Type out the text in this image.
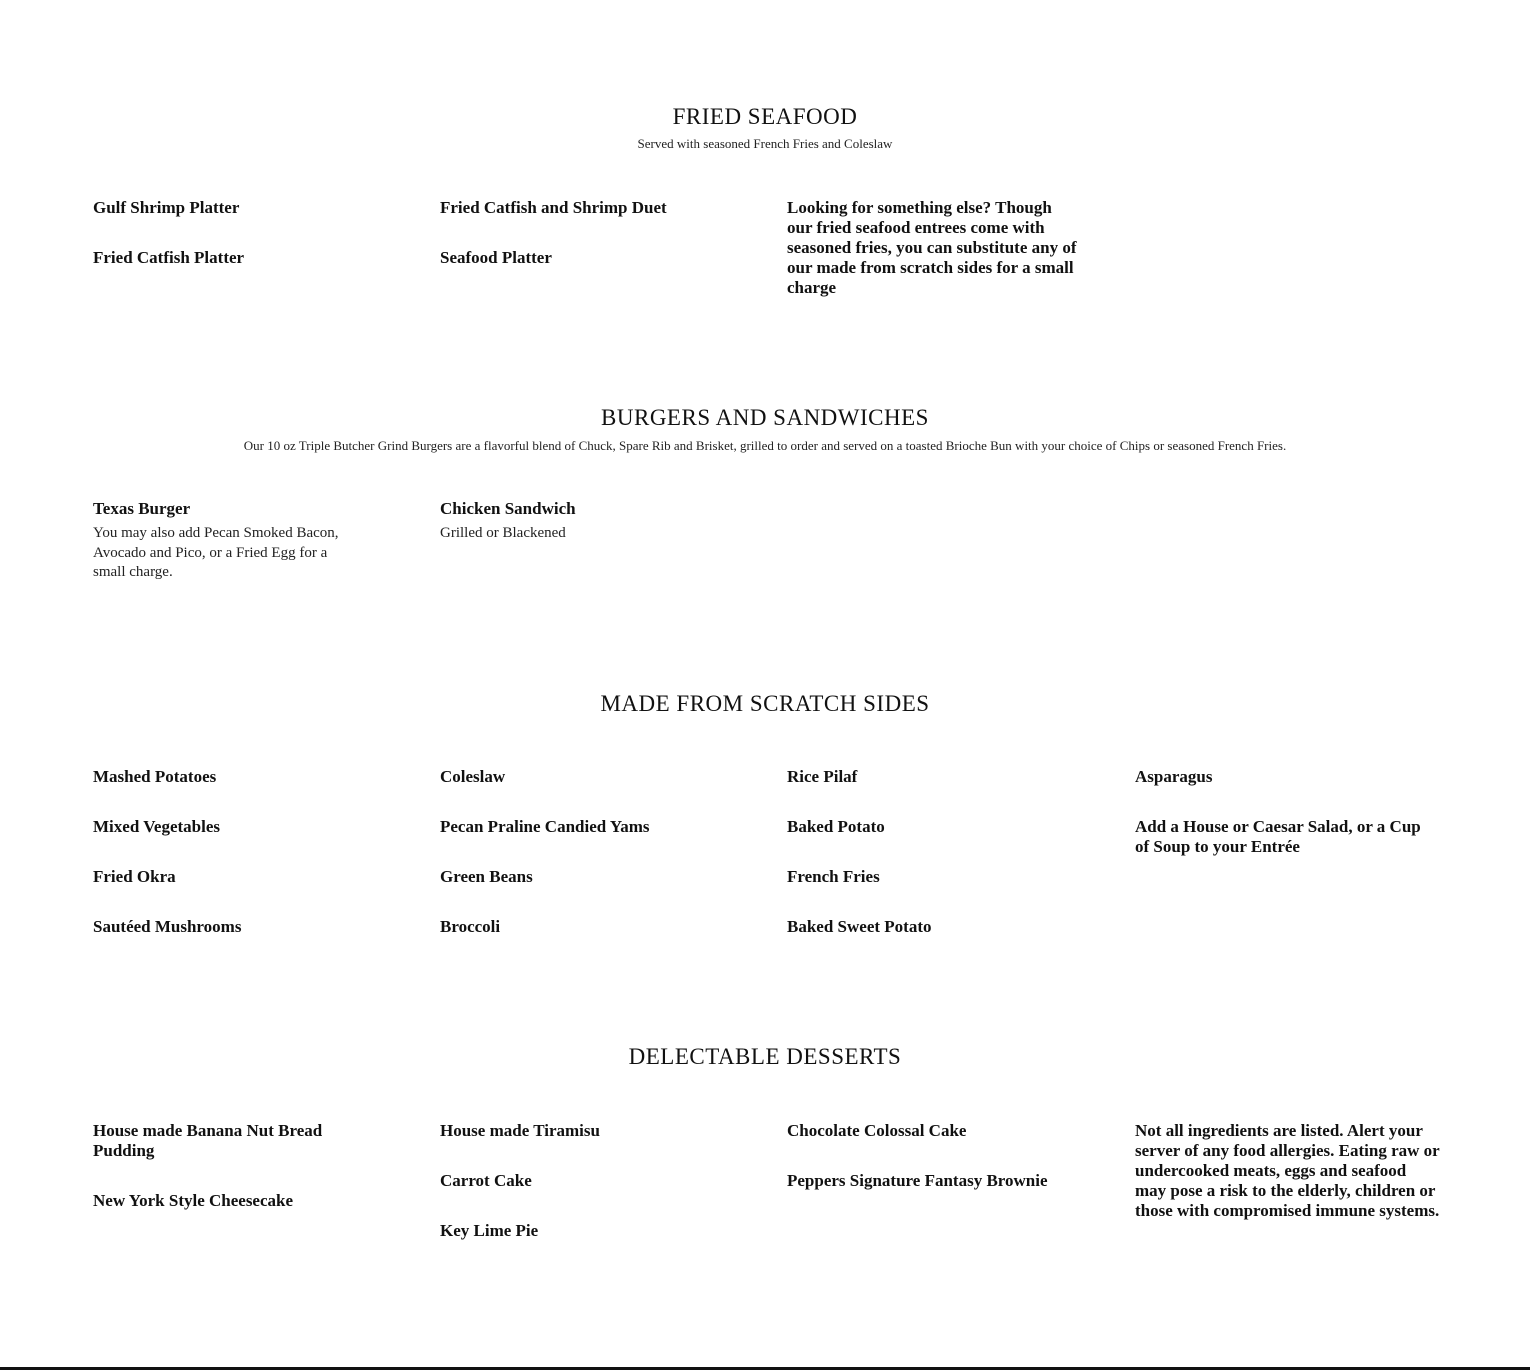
FRIED SEAFOOD

Served with seasoned French Fries and Coleslaw

Gulf Shrimp Platter

Fried Catfish Platter

Fried Catfish and Shrimp Duet

Seafood Platter

Looking for something else? Though our fried seafood entrees come with seasoned fries, you can substitute any of our made from scratch sides for a small charge

BURGERS AND SANDWICHES

Our 10 oz Triple Butcher Grind Burgers are a flavorful blend of Chuck, Spare Rib and Brisket, grilled to order and served on a toasted Brioche Bun with your choice of Chips or seasoned French Fries.

Texas Burger

You may also add Pecan Smoked Bacon, Avocado and Pico, or a Fried Egg for a small charge.

Chicken Sandwich

Grilled or Blackened

MADE FROM SCRATCH SIDES

Mashed Potatoes

Mixed Vegetables

Fried Okra

Sautéed Mushrooms

Coleslaw

Pecan Praline Candied Yams

Green Beans

Broccoli

Rice Pilaf

Baked Potato

French Fries

Baked Sweet Potato

Asparagus

Add a House or Caesar Salad, or a Cup of Soup to your Entrée

DELECTABLE DESSERTS

House made Banana Nut Bread Pudding

New York Style Cheesecake

House made Tiramisu

Carrot Cake

Key Lime Pie

Chocolate Colossal Cake

Peppers Signature Fantasy Brownie

Not all ingredients are listed. Alert your server of any food allergies. Eating raw or undercooked meats, eggs and seafood may pose a risk to the elderly, children or those with compromised immune systems.
